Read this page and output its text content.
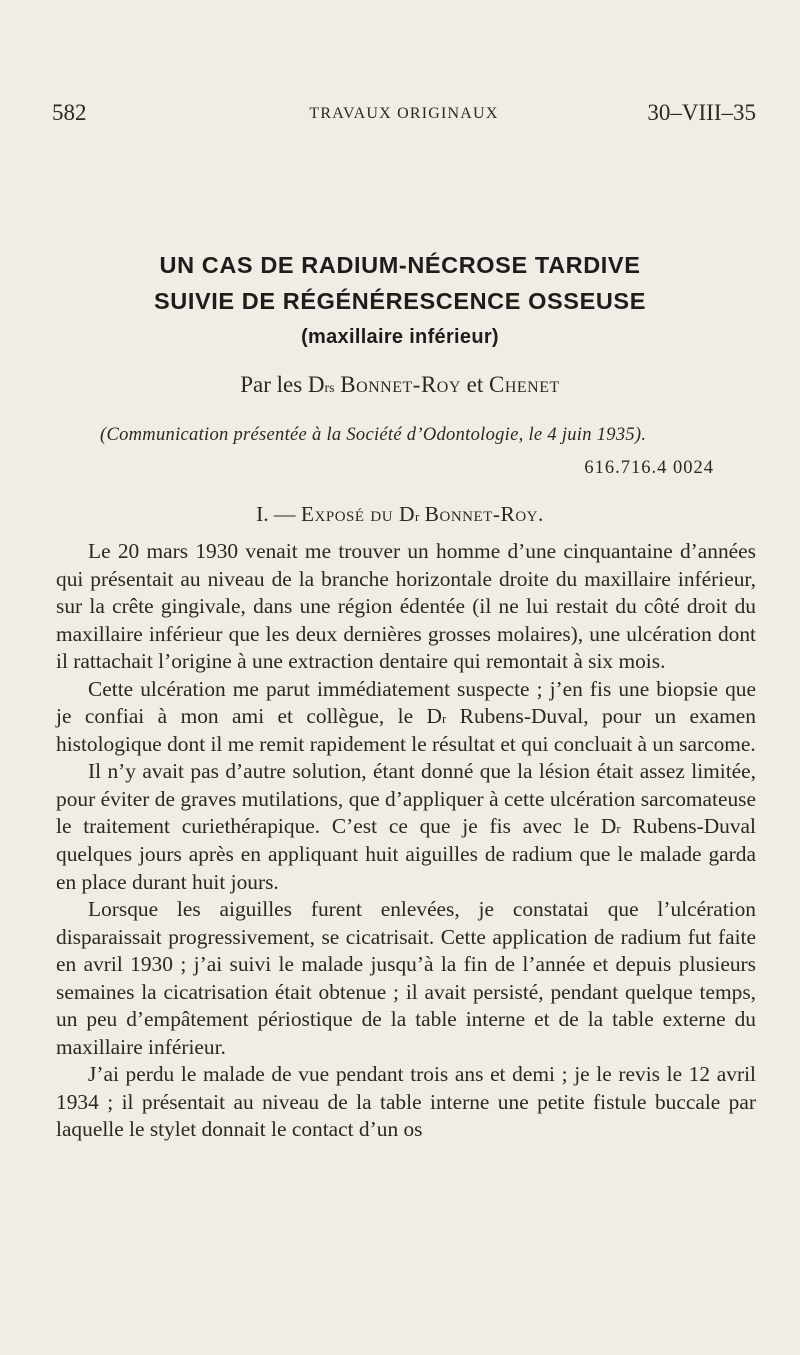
582	TRAVAUX ORIGINAUX	30–VIII–35
UN CAS DE RADIUM-NÉCROSE TARDIVE
SUIVIE DE RÉGÉNÉRESCENCE OSSEUSE
(maxillaire inférieur)
Par les $D^{rs}$ Bonnet-Roy et Chenet
(Communication présentée à la Société d’Odontologie, le 4 juin 1935).
616.716.4 0024
I. — Exposé du $D^r$ Bonnet-Roy.

Le 20 mars 1930 venait me trouver un homme d’une cinquantaine d’années qui présentait au niveau de la branche horizontale droite du maxillaire inférieur, sur la crête gingivale, dans une région édentée (il ne lui restait du côté droit du maxillaire inférieur que les deux dernières grosses molaires), une ulcération dont il rattachait l’origine à une extraction dentaire qui remontait à six mois.

Cette ulcération me parut immédiatement suspecte ; j’en fis une biopsie que je confiai à mon ami et collègue, le $D^r$ Rubens-Duval, pour un examen histologique dont il me remit rapidement le résultat et qui concluait à un sarcome.

Il n’y avait pas d’autre solution, étant donné que la lésion était assez limitée, pour éviter de graves mutilations, que d’appliquer à cette ulcération sarcomateuse le traitement curiethérapique. C’est ce que je fis avec le $D^r$ Rubens-Duval quelques jours après en appliquant huit aiguilles de radium que le malade garda en place durant huit jours.

Lorsque les aiguilles furent enlevées, je constatai que l’ulcération disparaissait progressivement, se cicatrisait. Cette application de radium fut faite en avril 1930 ; j’ai suivi le malade jusqu’à la fin de l’année et depuis plusieurs semaines la cicatrisation était obtenue ; il avait persisté, pendant quelque temps, un peu d’empâtement périostique de la table interne et de la table externe du maxillaire inférieur.

J’ai perdu le malade de vue pendant trois ans et demi ; je le revis le 12 avril 1934 ; il présentait au niveau de la table interne une petite fistule buccale par laquelle le stylet donnait le contact d’un os
